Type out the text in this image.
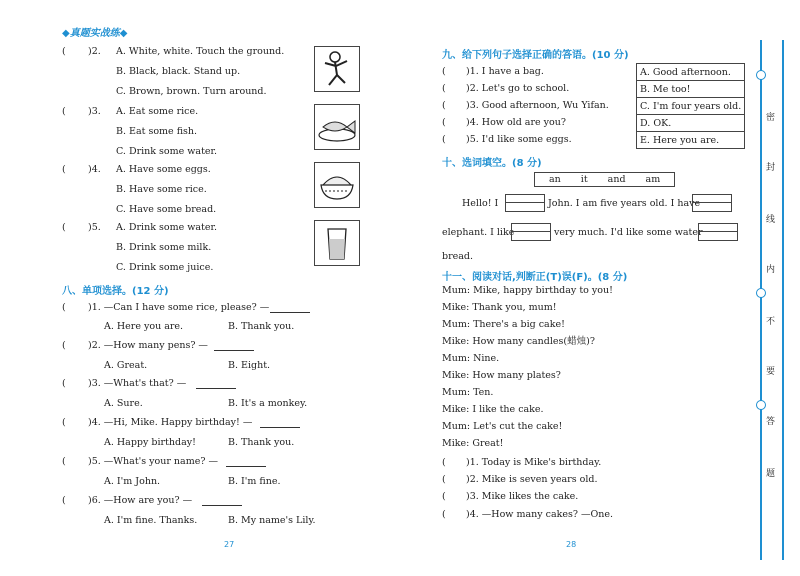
◆真题实战练◆
( )2. A. White, white. Touch the ground.
B. Black, black. Stand up.
C. Brown, brown. Turn around.
( )3. A. Eat some rice.
B. Eat some fish.
C. Drink some water.
( )4. A. Have some eggs.
B. Have some rice.
C. Have some bread.
( )5. A. Drink some water.
B. Drink some milk.
C. Drink some juice.
八、单项选择。(12 分)
( )1. —Can I have some rice, please? —
A. Here you are.	B. Thank you.
( )2. —How many pens? —
A. Great.	B. Eight.
( )3. —What's that? —
A. Sure.	B. It's a monkey.
( )4. —Hi, Mike. Happy birthday! —
A. Happy birthday!	B. Thank you.
( )5. —What's your name? —
A. I'm John.	B. I'm fine.
( )6. —How are you? —
A. I'm fine. Thanks.	B. My name's Lily.
27
九、给下列句子选择正确的答语。(10 分)
( )1. I have a bag.
( )2. Let's go to school.
( )3. Good afternoon, Wu Yifan.
( )4. How old are you?
( )5. I'd like some eggs.
A. Good afternoon.
B. Me too!
C. I'm four years old.
D. OK.
E. Here you are.
十、选词填空。(8 分)
an it and am
Hello! I	John. I am five years old. I have
elephant. I like	very much. I'd like some water
bread.
十一、阅读对话,判断正(T)误(F)。(8 分)
Mum: Mike, happy birthday to you!
Mike: Thank you, mum!
Mum: There's a big cake!
Mike: How many candles(蜡烛)?
Mum: Nine.
Mike: How many plates?
Mum: Ten.
Mike: I like the cake.
Mum: Let's cut the cake!
Mike: Great!
( )1. Today is Mike's birthday.
( )2. Mike is seven years old.
( )3. Mike likes the cake.
( )4. —How many cakes? —One.
28
密
封
线
内
不
要
答
题
